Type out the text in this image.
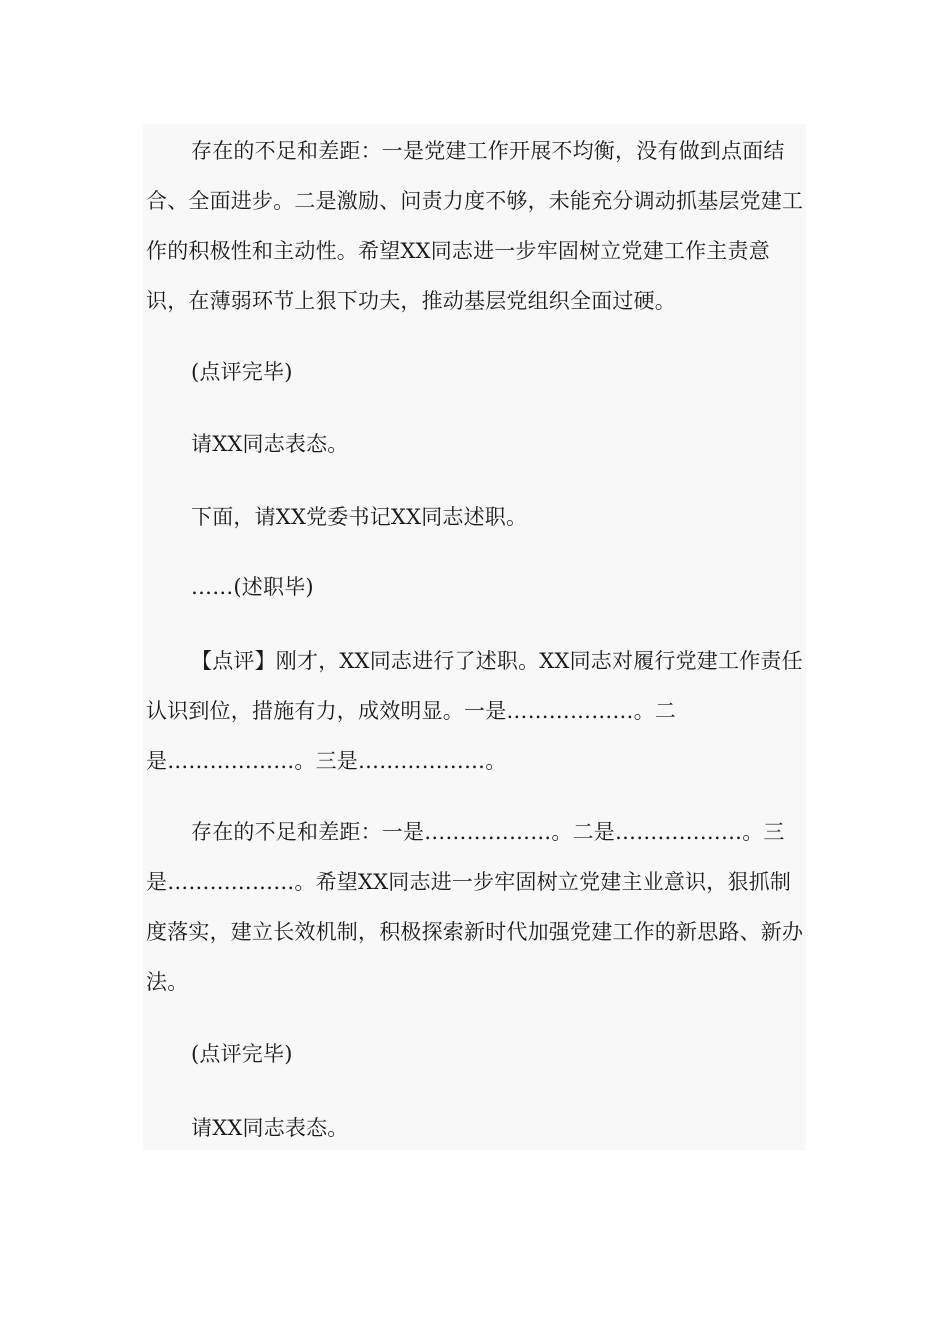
存在的不足和差距：一是党建工作开展不均衡，没有做到点面结合、全面进步。二是激励、问责力度不够，未能充分调动抓基层党建工作的积极性和主动性。希望XX同志进一步牢固树立党建工作主责意识，在薄弱环节上狠下功夫，推动基层党组织全面过硬。

(点评完毕)

请XX同志表态。

下面，请XX党委书记XX同志述职。

……(述职毕)

【点评】刚才，XX同志进行了述职。XX同志对履行党建工作责任认识到位，措施有力，成效明显。一是………………。二是………………。三是………………。

存在的不足和差距：一是………………。二是………………。三是………………。希望XX同志进一步牢固树立党建主业意识，狠抓制度落实，建立长效机制，积极探索新时代加强党建工作的新思路、新办法。

(点评完毕)

请XX同志表态。
